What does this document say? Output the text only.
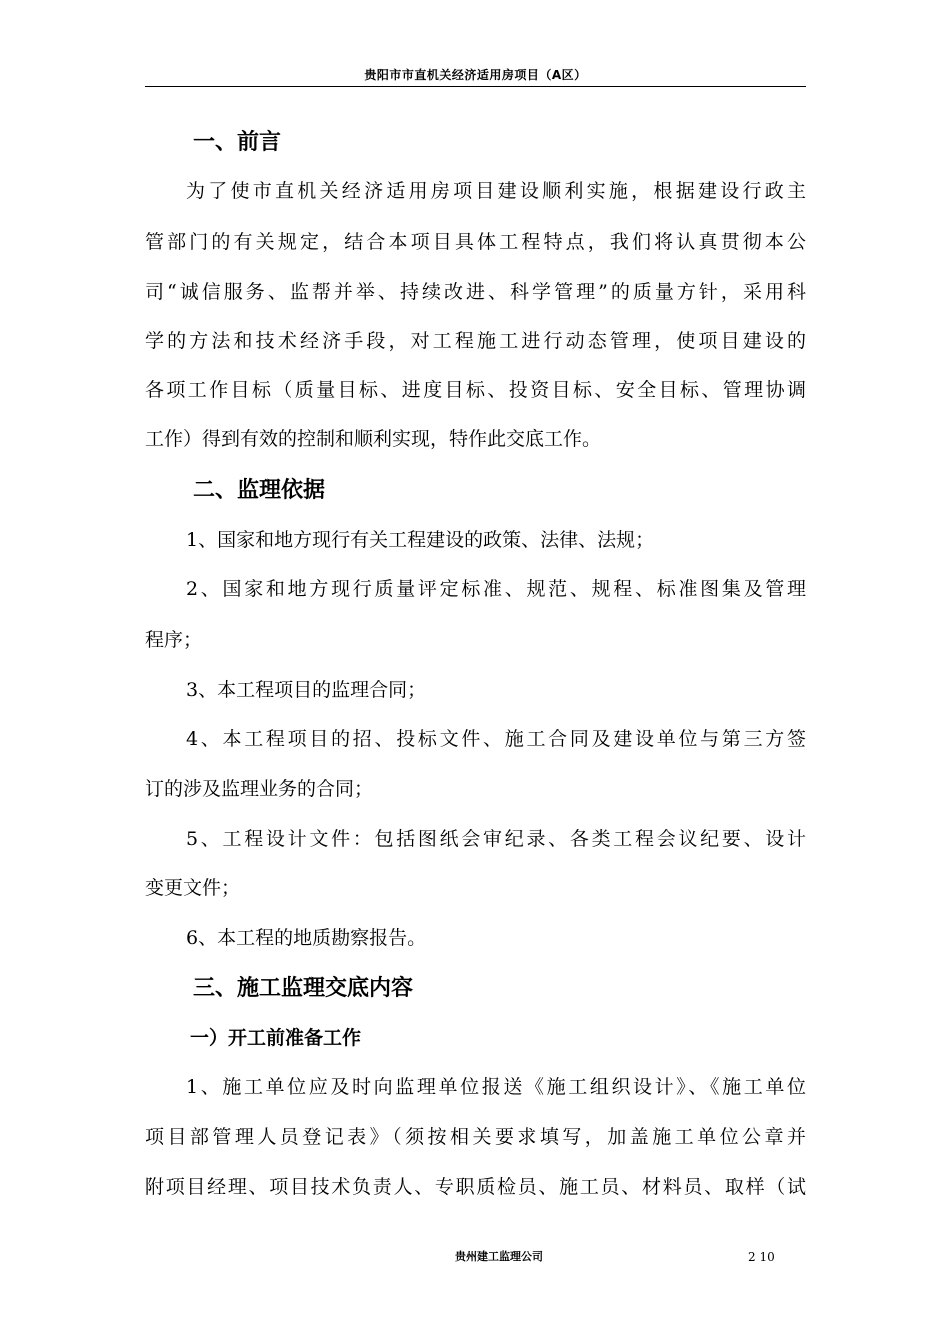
贵阳市市直机关经济适用房项目（A区）
一、前言
为了使市直机关经济适用房项目建设顺利实施，根据建设行政主
管部门的有关规定，结合本项目具体工程特点，我们将认真贯彻本公
司“诚信服务、监帮并举、持续改进、科学管理”的质量方针，采用科
学的方法和技术经济手段，对工程施工进行动态管理，使项目建设的
各项工作目标（质量目标、进度目标、投资目标、安全目标、管理协调
工作）得到有效的控制和顺利实现，特作此交底工作。
二、监理依据
1、国家和地方现行有关工程建设的政策、法律、法规；
2、国家和地方现行质量评定标准、规范、规程、标准图集及管理
程序；
3、本工程项目的监理合同；
4、本工程项目的招、投标文件、施工合同及建设单位与第三方签
订的涉及监理业务的合同；
5、工程设计文件：包括图纸会审纪录、各类工程会议纪要、设计
变更文件；
6、本工程的地质勘察报告。
三、施工监理交底内容
一）开工前准备工作
1、施工单位应及时向监理单位报送《施工组织设计》、《施工单位
项目部管理人员登记表》（须按相关要求填写，加盖施工单位公章并
附项目经理、项目技术负责人、专职质检员、施工员、材料员、取样（试
贵州建工监理公司	2 10
